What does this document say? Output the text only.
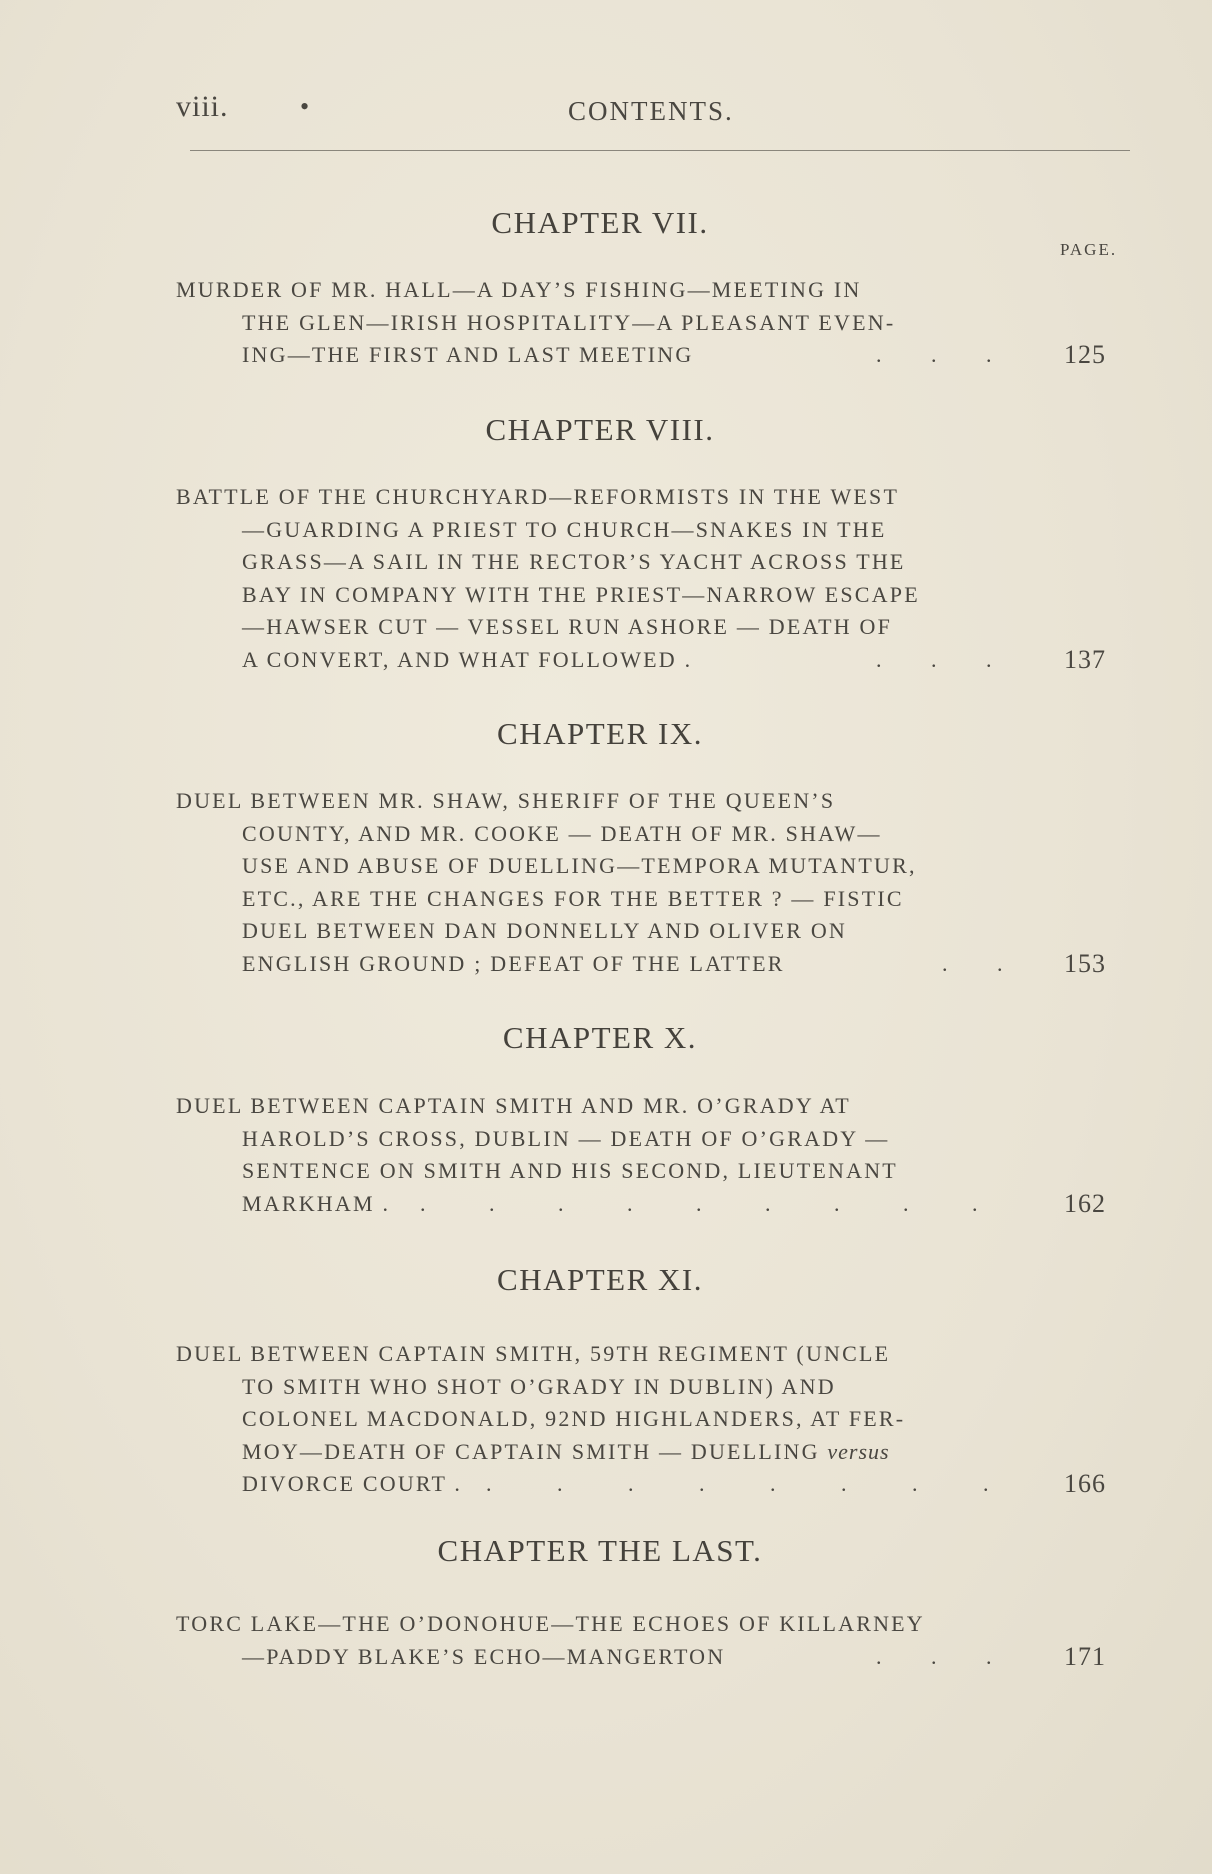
viii.	•	CONTENTS.
CHAPTER VII.
PAGE.
MURDER OF MR. HALL—A DAY’S FISHING—MEETING IN
THE GLEN—IRISH HOSPITALITY—A PLEASANT EVEN-
ING—THE FIRST AND LAST MEETING	. . . 125
CHAPTER VIII.
BATTLE OF THE CHURCHYARD—REFORMISTS IN THE WEST
—GUARDING A PRIEST TO CHURCH—SNAKES IN THE
GRASS—A SAIL IN THE RECTOR’S YACHT ACROSS THE
BAY IN COMPANY WITH THE PRIEST—NARROW ESCAPE
—HAWSER CUT — VESSEL RUN ASHORE — DEATH OF
A CONVERT, AND WHAT FOLLOWED .	. . . 137
CHAPTER IX.
DUEL BETWEEN MR. SHAW, SHERIFF OF THE QUEEN’S
COUNTY, AND MR. COOKE — DEATH OF MR. SHAW—
USE AND ABUSE OF DUELLING—TEMPORA MUTANTUR,
ETC., ARE THE CHANGES FOR THE BETTER ? — FISTIC
DUEL BETWEEN DAN DONNELLY AND OLIVER ON
ENGLISH GROUND ; DEFEAT OF THE LATTER	. . 153
CHAPTER X.
DUEL BETWEEN CAPTAIN SMITH AND MR. O’GRADY AT
HAROLD’S CROSS, DUBLIN — DEATH OF O’GRADY —
SENTENCE ON SMITH AND HIS SECOND, LIEUTENANT
MARKHAM . . . . . . . . . . 162
CHAPTER XI.
DUEL BETWEEN CAPTAIN SMITH, 59TH REGIMENT (UNCLE
TO SMITH WHO SHOT O’GRADY IN DUBLIN) AND
COLONEL MACDONALD, 92ND HIGHLANDERS, AT FER-
MOY—DEATH OF CAPTAIN SMITH — DUELLING versus
DIVORCE COURT . . . . . . . . . 166
CHAPTER THE LAST.
TORC LAKE—THE O’DONOHUE—THE ECHOES OF KILLARNEY
—PADDY BLAKE’S ECHO—MANGERTON	. . . 171
